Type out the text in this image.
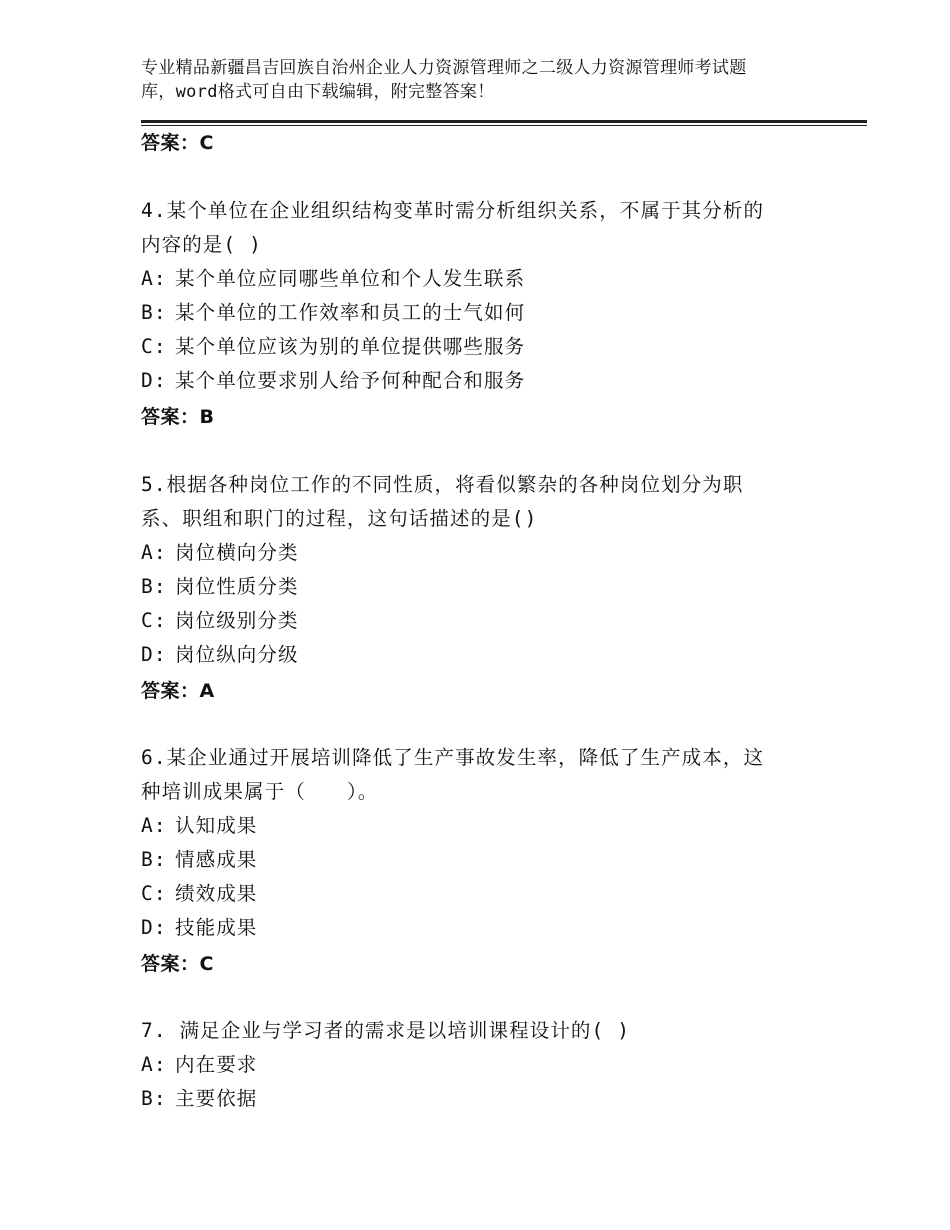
专业精品新疆昌吉回族自治州企业人力资源管理师之二级人力资源管理师考试题
库，word格式可自由下载编辑，附完整答案！
答案：C
4.某个单位在企业组织结构变革时需分析组织关系，不属于其分析的
内容的是( )
A: 某个单位应同哪些单位和个人发生联系
B: 某个单位的工作效率和员工的士气如何
C: 某个单位应该为别的单位提供哪些服务
D: 某个单位要求别人给予何种配合和服务
答案：B
5.根据各种岗位工作的不同性质，将看似繁杂的各种岗位划分为职
系、职组和职门的过程，这句话描述的是()
A: 岗位横向分类
B: 岗位性质分类
C: 岗位级别分类
D: 岗位纵向分级
答案：A
6.某企业通过开展培训降低了生产事故发生率，降低了生产成本，这
种培训成果属于（　　）。
A: 认知成果
B: 情感成果
C: 绩效成果
D: 技能成果
答案：C
7. 满足企业与学习者的需求是以培训课程设计的( )
A: 内在要求
B: 主要依据
